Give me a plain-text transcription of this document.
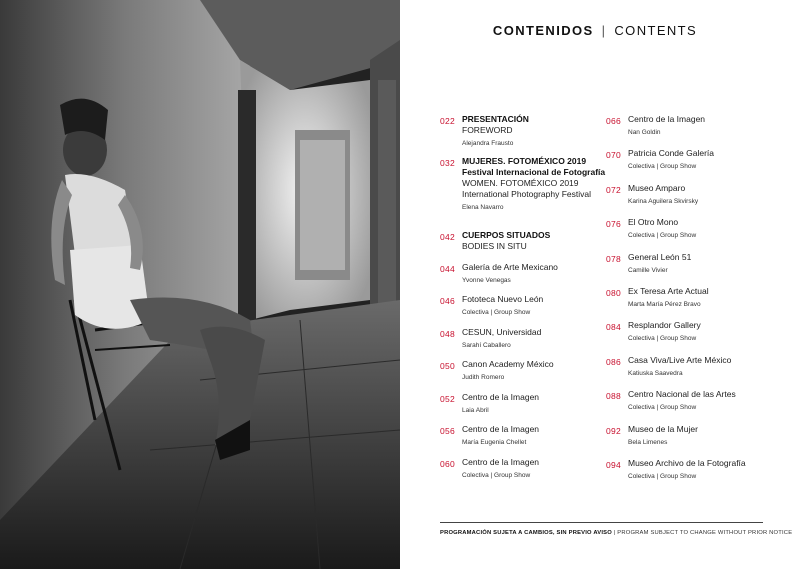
CONTENIDOS | CONTENTS
022 PRESENTACIÓN
FOREWORD
Alejandra Frausto
032 MUJERES. FOTOMÉXICO 2019
Festival Internacional de Fotografía
WOMEN. FOTOMÉXICO 2019
International Photography Festival
Elena Navarro
042 CUERPOS SITUADOS
BODIES IN SITU
044 Galería de Arte Mexicano
Yvonne Venegas
046 Fototeca Nuevo León
Colectiva | Group Show
048 CESUN, Universidad
Sarahí Caballero
050 Canon Academy México
Judith Romero
052 Centro de la Imagen
Laia Abril
056 Centro de la Imagen
María Eugenia Chellet
060 Centro de la Imagen
Colectiva | Group Show
066 Centro de la Imagen
Nan Goldin
070 Patricia Conde Galería
Colectiva | Group Show
072 Museo Amparo
Karina Aguilera Skvirsky
076 El Otro Mono
Colectiva | Group Show
078 General León 51
Camille Vivier
080 Ex Teresa Arte Actual
Marta María Pérez Bravo
084 Resplandor Gallery
Colectiva | Group Show
086 Casa Viva/Live Arte México
Katiuska Saavedra
088 Centro Nacional de las Artes
Colectiva | Group Show
092 Museo de la Mujer
Bela Limenes
094 Museo Archivo de la Fotografía
Colectiva | Group Show
PROGRAMACIÓN SUJETA A CAMBIOS, SIN PREVIO AVISO | PROGRAM SUBJECT TO CHANGE WITHOUT PRIOR NOTICE
